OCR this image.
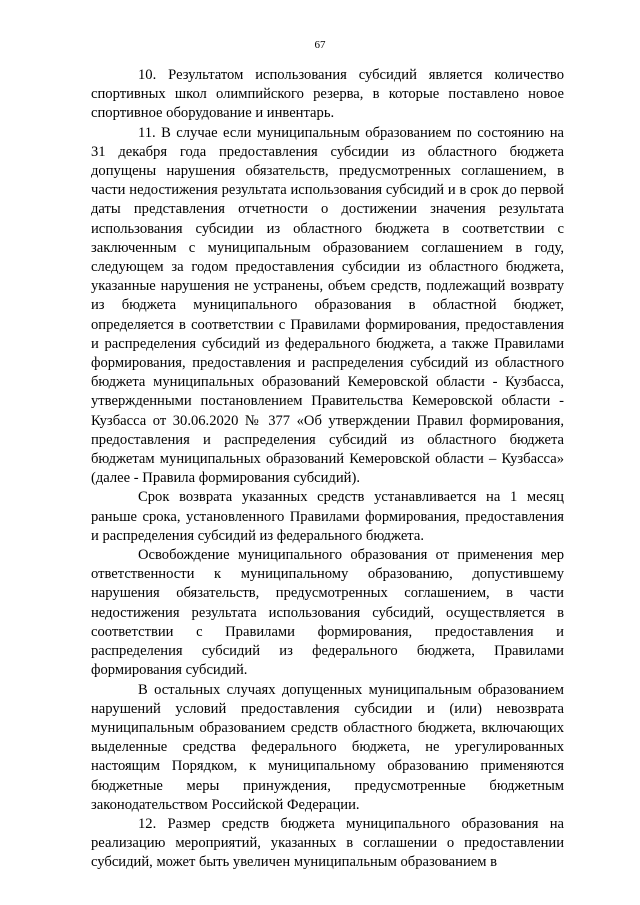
67

10. Результатом использования субсидий является количество спортивных школ олимпийского резерва, в которые поставлено новое спортивное оборудование и инвентарь.

11. В случае если муниципальным образованием по состоянию на 31 декабря года предоставления субсидии из областного бюджета допущены нарушения обязательств, предусмотренных соглашением, в части недостижения результата использования субсидий и в срок до первой даты представления отчетности о достижении значения результата использования субсидии из областного бюджета в соответствии с заключенным с муниципальным образованием соглашением в году, следующем за годом предоставления субсидии из областного бюджета, указанные нарушения не устранены, объем средств, подлежащий возврату из бюджета муниципального образования в областной бюджет, определяется в соответствии с Правилами формирования, предоставления и распределения субсидий из федерального бюджета, а также Правилами формирования, предоставления и распределения субсидий из областного бюджета муниципальных образований Кемеровской области - Кузбасса, утвержденными постановлением Правительства Кемеровской области - Кузбасса от 30.06.2020 № 377 «Об утверждении Правил формирования, предоставления и распределения субсидий из областного бюджета бюджетам муниципальных образований Кемеровской области – Кузбасса» (далее - Правила формирования субсидий).

Срок возврата указанных средств устанавливается на 1 месяц раньше срока, установленного Правилами формирования, предоставления и распределения субсидий из федерального бюджета.

Освобождение муниципального образования от применения мер ответственности к муниципальному образованию, допустившему нарушения обязательств, предусмотренных соглашением, в части недостижения результата использования субсидий, осуществляется в соответствии с Правилами формирования, предоставления и распределения субсидий из федерального бюджета, Правилами формирования субсидий.

В остальных случаях допущенных муниципальным образованием нарушений условий предоставления субсидии и (или) невозврата муниципальным образованием средств областного бюджета, включающих выделенные средства федерального бюджета, не урегулированных настоящим Порядком, к муниципальному образованию применяются бюджетные меры принуждения, предусмотренные бюджетным законодательством Российской Федерации.

12. Размер средств бюджета муниципального образования на реализацию мероприятий, указанных в соглашении о предоставлении субсидий, может быть увеличен муниципальным образованием в
